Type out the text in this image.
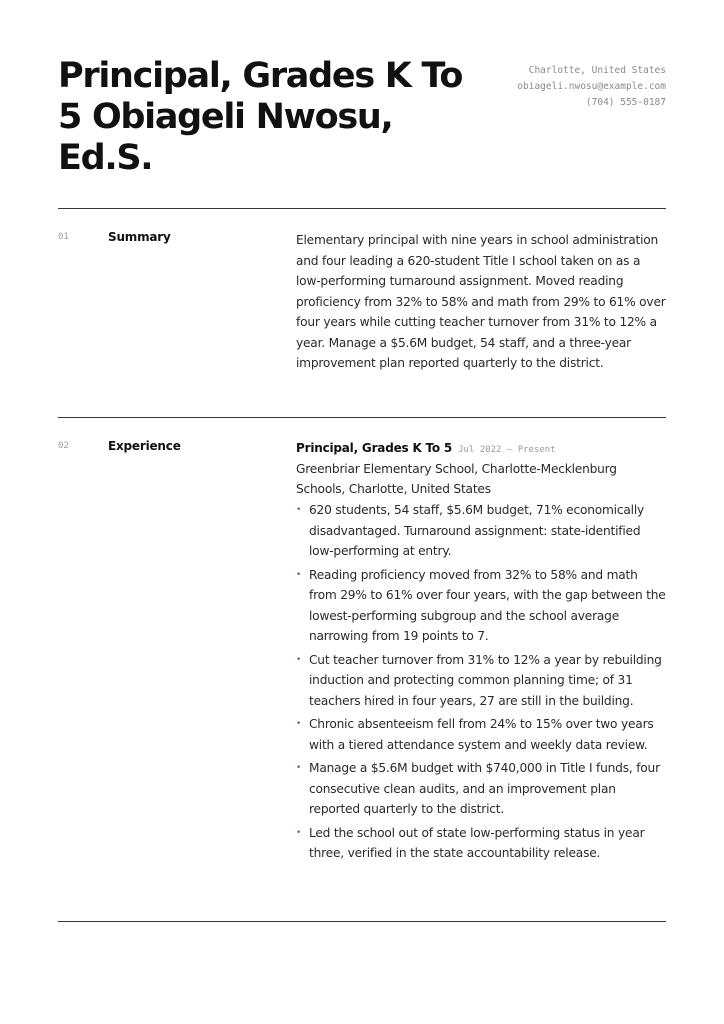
Principal, Grades K To 5 Obiageli Nwosu, Ed.S.
Charlotte, United States
obiageli.nwosu@example.com
(704) 555-0187
01	Summary	Elementary principal with nine years in school administration and four leading a 620-student Title I school taken on as a low-performing turnaround assignment. Moved reading proficiency from 32% to 58% and math from 29% to 61% over four years while cutting teacher turnover from 31% to 12% a year. Manage a $5.6M budget, 54 staff, and a three-year improvement plan reported quarterly to the district.

02	Experience	Principal, Grades K To 5 Jul 2022 – Present
Greenbriar Elementary School, Charlotte-Mecklenburg Schools, Charlotte, United States
• 620 students, 54 staff, $5.6M budget, 71% economically disadvantaged. Turnaround assignment: state-identified low-performing at entry.
• Reading proficiency moved from 32% to 58% and math from 29% to 61% over four years, with the gap between the lowest-performing subgroup and the school average narrowing from 19 points to 7.
• Cut teacher turnover from 31% to 12% a year by rebuilding induction and protecting common planning time; of 31 teachers hired in four years, 27 are still in the building.
• Chronic absenteeism fell from 24% to 15% over two years with a tiered attendance system and weekly data review.
• Manage a $5.6M budget with $740,000 in Title I funds, four consecutive clean audits, and an improvement plan reported quarterly to the district.
• Led the school out of state low-performing status in year three, verified in the state accountability release.
